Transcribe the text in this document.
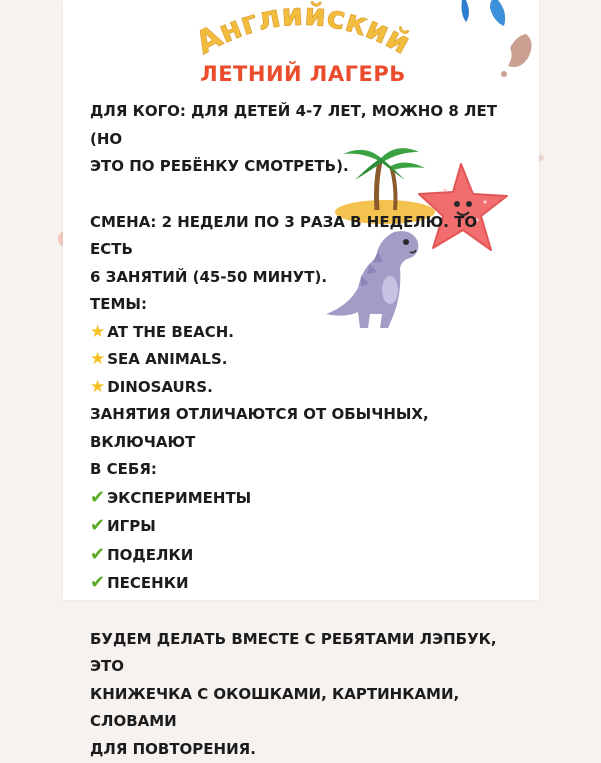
Английский
ЛЕТНИЙ ЛАГЕРЬ
ДЛЯ КОГО: ДЛЯ ДЕТЕЙ 4-7 ЛЕТ, МОЖНО 8 ЛЕТ (НО
ЭТО ПО РЕБЁНКУ СМОТРЕТЬ).
СМЕНА: 2 НЕДЕЛИ ПО 3 РАЗА В НЕДЕЛЮ. ТО ЕСТЬ
6 ЗАНЯТИЙ (45-50 МИНУТ).
ТЕМЫ:
★ AT THE BEACH.
★ SEA ANIMALS.
★ DINOSAURS.
ЗАНЯТИЯ ОТЛИЧАЮТСЯ ОТ ОБЫЧНЫХ, ВКЛЮЧАЮТ
В СЕБЯ:
✔ ЭКСПЕРИМЕНТЫ
✔ ИГРЫ
✔ ПОДЕЛКИ
✔ ПЕСЕНКИ
БУДЕМ ДЕЛАТЬ ВМЕСТЕ С РЕБЯТАМИ ЛЭПБУК, ЭТО
КНИЖЕЧКА С ОКОШКАМИ, КАРТИНКАМИ, СЛОВАМИ
ДЛЯ ПОВТОРЕНИЯ.
